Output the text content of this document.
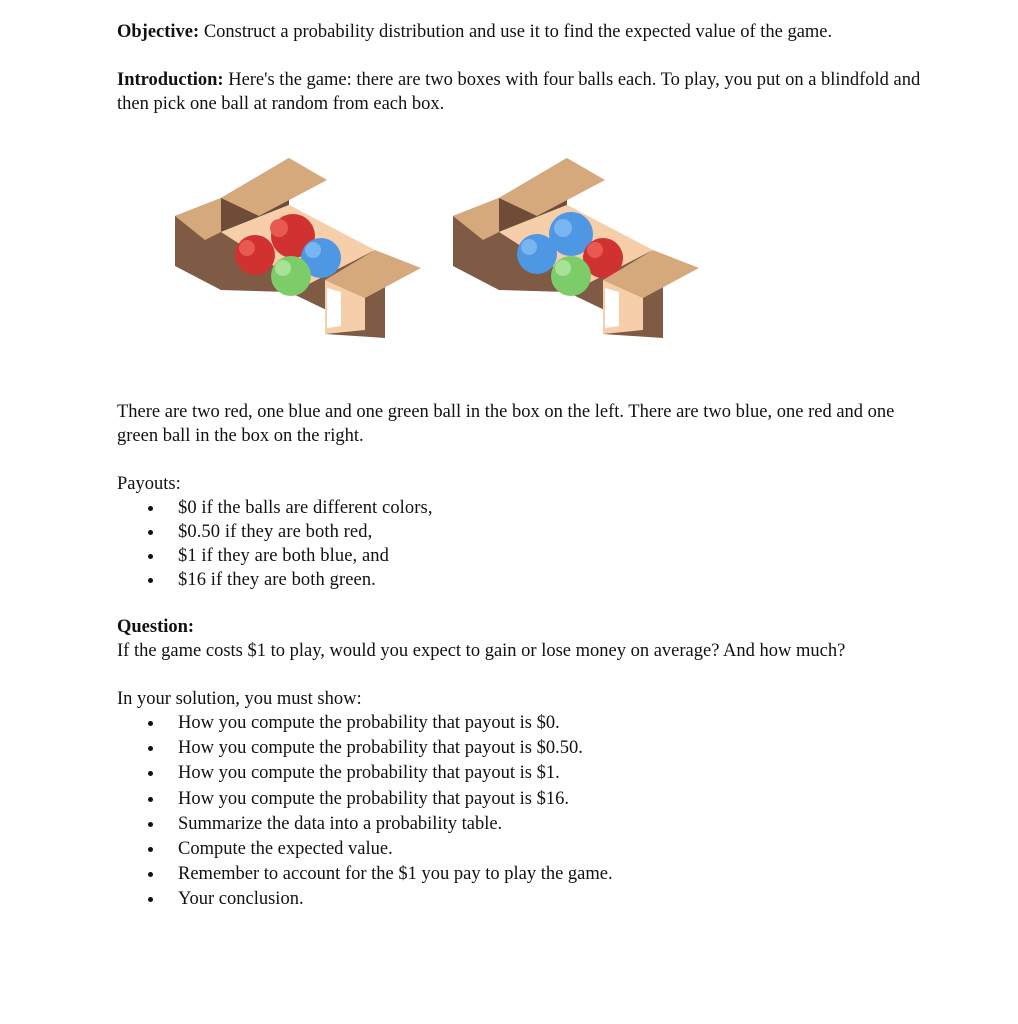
Objective: Construct a probability distribution and use it to find the expected value of the game.

Introduction: Here's the game: there are two boxes with four balls each. To play, you put on a blindfold and then pick one ball at random from each box.

There are two red, one blue and one green ball in the box on the left. There are two blue, one red and one green ball in the box on the right.

Payouts:

$0 if the balls are different colors,
$0.50 if they are both red,
$1 if they are both blue, and
$16 if they are both green.

Question:

If the game costs $1 to play, would you expect to gain or lose money on average? And how much?

In your solution, you must show:

How you compute the probability that payout is $0.
How you compute the probability that payout is $0.50.
How you compute the probability that payout is $1.
How you compute the probability that payout is $16.
Summarize the data into a probability table.
Compute the expected value.
Remember to account for the $1 you pay to play the game.
Your conclusion.
